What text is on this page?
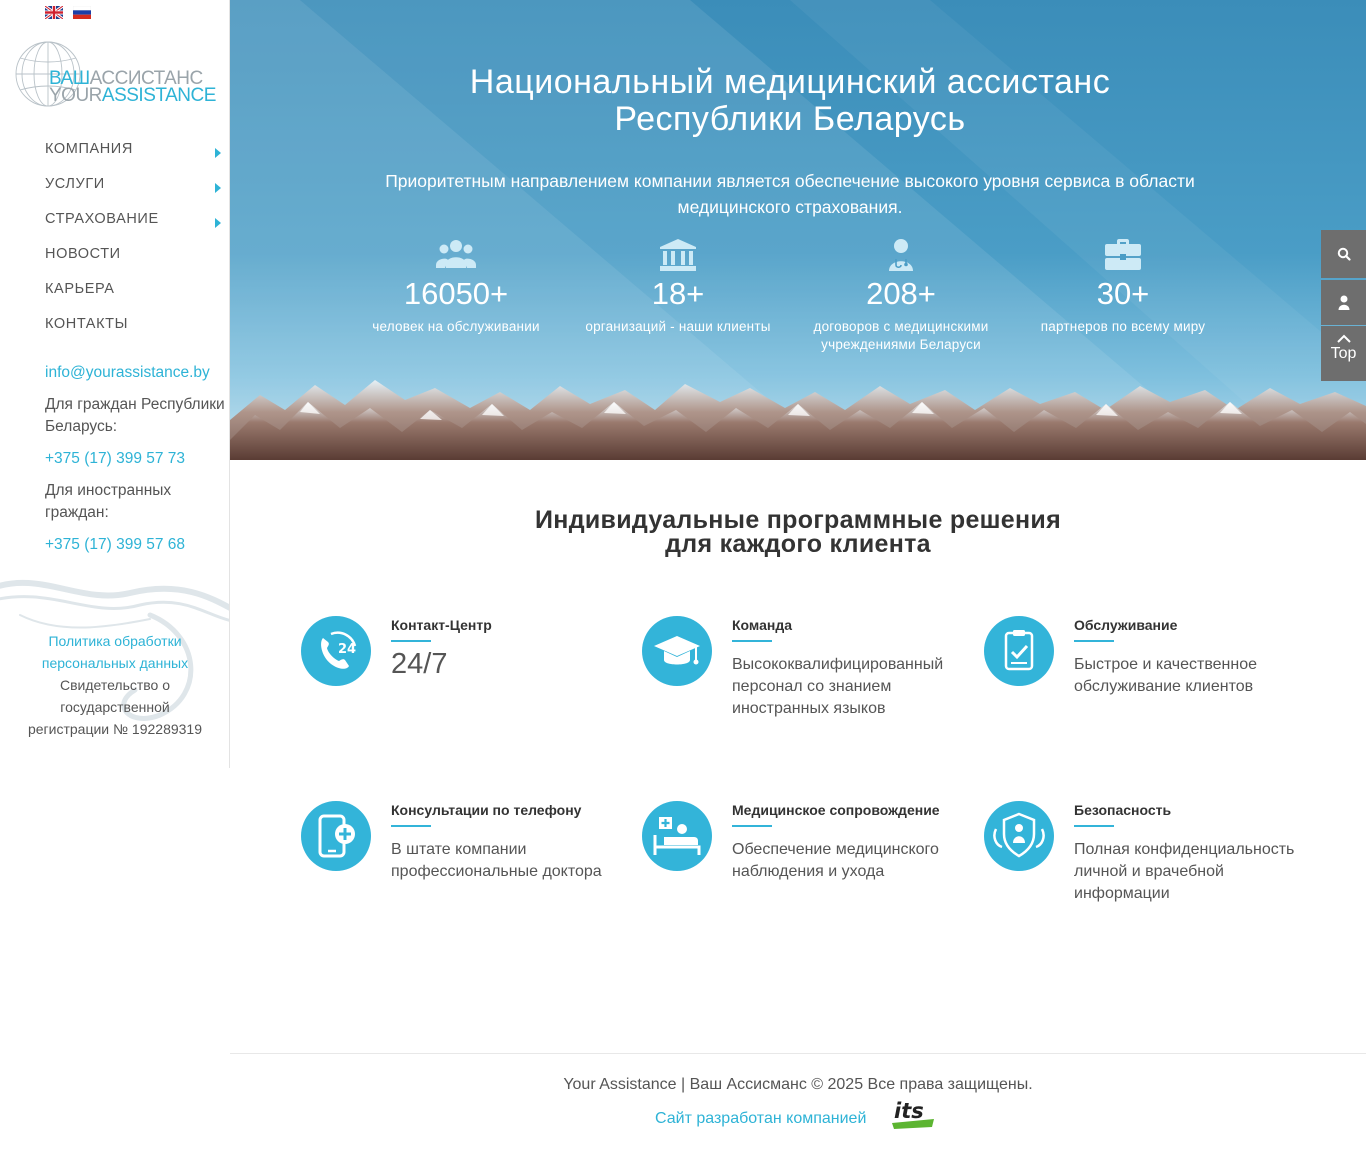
ВАШАССИСТАНС
YOURASSISTANCE
КОМПАНИЯ
УСЛУГИ
СТРАХОВАНИЕ
НОВОСТИ
КАРЬЕРА
КОНТАКТЫ
info@yourassistance.by
Для граждан Республики Беларусь:
+375 (17) 399 57 73
Для иностранных граждан:
+375 (17) 399 57 68
Политика обработки персональных данных
Свидетельство о государственной регистрации № 192289319
Национальный медицинский ассистанс
Республики Беларусь
Приоритетным направлением компании является обеспечение высокого уровня сервиса в области медицинского страхования.
16050+
человек на обслуживании
18+
организаций - наши клиенты
208+
договоров с медицинскими учреждениями Беларуси
30+
партнеров по всему миру
Top
Индивидуальные программные решения
для каждого клиента
24
Контакт-Центр
24/7
Команда
Высококвалифицированный персонал со знанием иностранных языков
Обслуживание
Быстрое и качественное обслуживание клиентов
Консультации по телефону
В штате компании профессиональные доктора
Медицинское сопровождение
Обеспечение медицинского наблюдения и ухода
Безопасность
Полная конфиденциальность личной и врачебной информации
Your Assistance | Ваш Ассисманс © 2025 Все права защищены.
Сайт разработан компанией its
